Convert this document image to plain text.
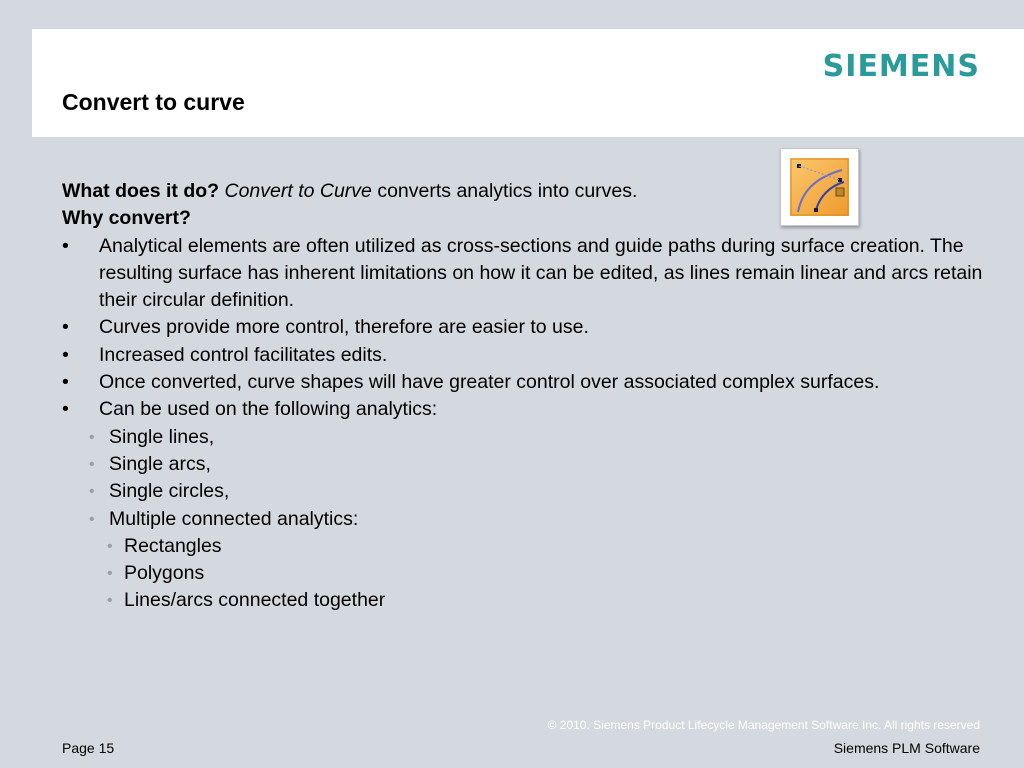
SIEMENS
Convert to curve

What does it do? Convert to Curve converts analytics into curves.

Why convert?

• Analytical elements are often utilized as cross-sections and guide paths during surface creation. The resulting surface has inherent limitations on how it can be edited, as lines remain linear and arcs retain their circular definition.
• Curves provide more control, therefore are easier to use.
• Increased control facilitates edits.
• Once converted, curve shapes will have greater control over associated complex surfaces.
• Can be used on the following analytics:
• Single lines,
• Single arcs,
• Single circles,
• Multiple connected analytics:
• Rectangles
• Polygons
• Lines/arcs connected together
© 2010. Siemens Product Lifecycle Management Software Inc. All rights reserved
Page 15	Siemens PLM Software
